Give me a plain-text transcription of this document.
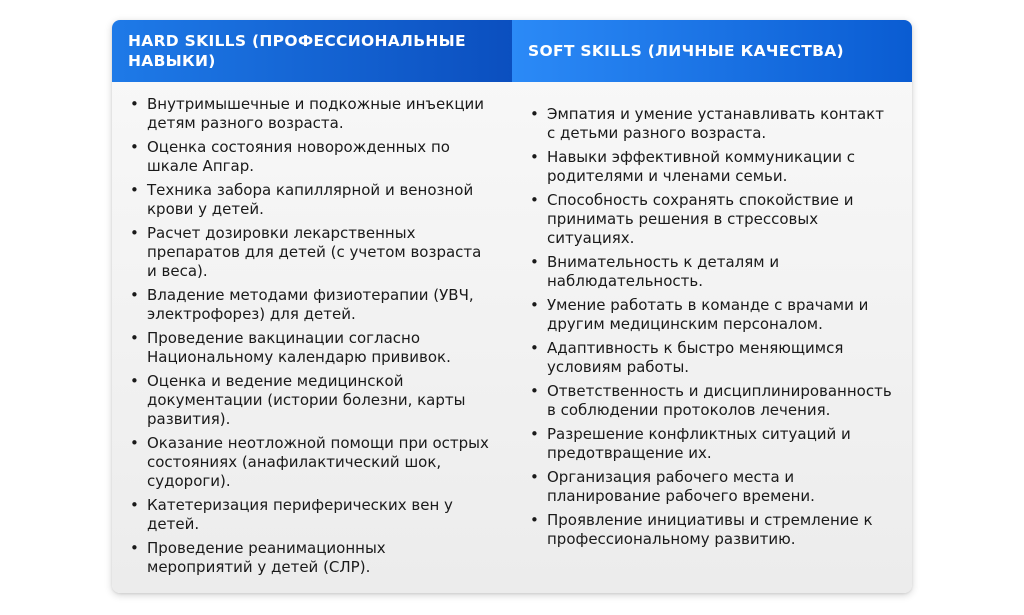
HARD SKILLS (ПРОФЕССИОНАЛЬНЫЕ НАВЫКИ)
SOFT SKILLS (ЛИЧНЫЕ КАЧЕСТВА)
• Внутримышечные и подкожные инъекции детям разного возраста.
• Оценка состояния новорожденных по шкале Апгар.
• Техника забора капиллярной и венозной крови у детей.
• Расчет дозировки лекарственных препаратов для детей (с учетом возраста и веса).
• Владение методами физиотерапии (УВЧ, электрофорез) для детей.
• Проведение вакцинации согласно Национальному календарю прививок.
• Оценка и ведение медицинской документации (истории болезни, карты развития).
• Оказание неотложной помощи при острых состояниях (анафилактический шок, судороги).
• Катетеризация периферических вен у детей.
• Проведение реанимационных мероприятий у детей (СЛР).
• Эмпатия и умение устанавливать контакт с детьми разного возраста.
• Навыки эффективной коммуникации с родителями и членами семьи.
• Способность сохранять спокойствие и принимать решения в стрессовых ситуациях.
• Внимательность к деталям и наблюдательность.
• Умение работать в команде с врачами и другим медицинским персоналом.
• Адаптивность к быстро меняющимся условиям работы.
• Ответственность и дисциплинированность в соблюдении протоколов лечения.
• Разрешение конфликтных ситуаций и предотвращение их.
• Организация рабочего места и планирование рабочего времени.
• Проявление инициативы и стремление к профессиональному развитию.
